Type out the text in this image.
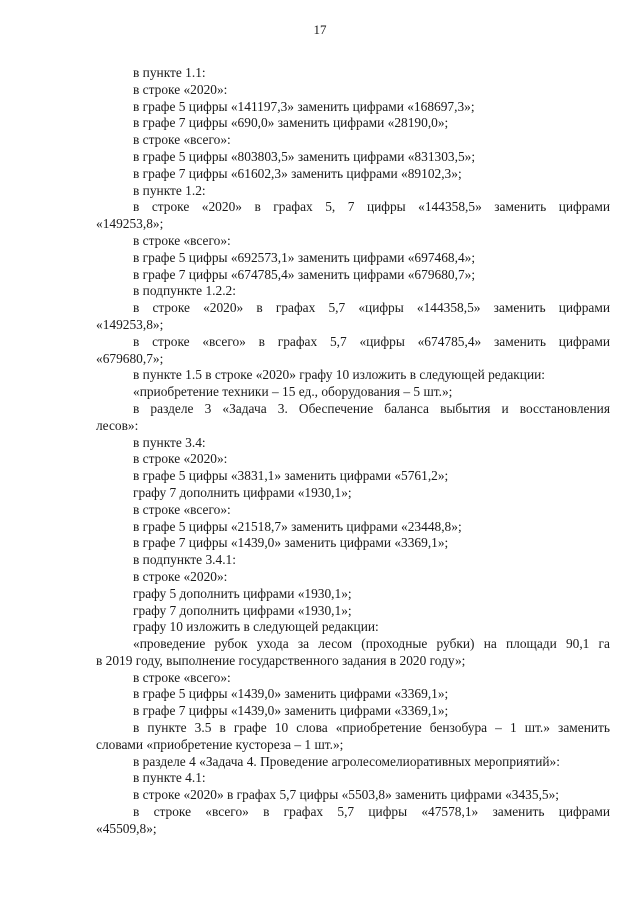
17
в пункте 1.1:
в строке «2020»:
в графе 5 цифры «141197,3» заменить цифрами «168697,3»;
в графе 7 цифры «690,0» заменить цифрами «28190,0»;
в строке «всего»:
в графе 5 цифры «803803,5» заменить цифрами «831303,5»;
в графе 7 цифры «61602,3» заменить цифрами «89102,3»;
в пункте 1.2:
в строке «2020» в графах 5, 7 цифры «144358,5» заменить цифрами
«149253,8»;
в строке «всего»:
в графе 5 цифры «692573,1» заменить цифрами «697468,4»;
в графе 7 цифры «674785,4» заменить цифрами «679680,7»;
в подпункте 1.2.2:
в строке «2020» в графах 5,7 «цифры «144358,5» заменить цифрами
«149253,8»;
в строке «всего» в графах 5,7 «цифры «674785,4» заменить цифрами
«679680,7»;
в пункте 1.5 в строке «2020» графу 10 изложить в следующей редакции:
«приобретение техники – 15 ед., оборудования – 5 шт.»;
в разделе 3 «Задача 3. Обеспечение баланса выбытия и восстановления
лесов»:
в пункте 3.4:
в строке «2020»:
в графе 5 цифры «3831,1» заменить цифрами «5761,2»;
графу 7 дополнить цифрами «1930,1»;
в строке «всего»:
в графе 5 цифры «21518,7» заменить цифрами «23448,8»;
в графе 7 цифры «1439,0» заменить цифрами «3369,1»;
в подпункте 3.4.1:
в строке «2020»:
графу 5 дополнить цифрами «1930,1»;
графу 7 дополнить цифрами «1930,1»;
графу 10 изложить в следующей редакции:
«проведение рубок ухода за лесом (проходные рубки) на площади 90,1 га
в 2019 году, выполнение государственного задания в 2020 году»;
в строке «всего»:
в графе 5 цифры «1439,0» заменить цифрами «3369,1»;
в графе 7 цифры «1439,0» заменить цифрами «3369,1»;
в пункте 3.5 в графе 10 слова «приобретение бензобура – 1 шт.» заменить
словами «приобретение кустореза – 1 шт.»;
в разделе 4 «Задача 4. Проведение агролесомелиоративных мероприятий»:
в пункте 4.1:
в строке «2020» в графах 5,7 цифры «5503,8» заменить цифрами «3435,5»;
в строке «всего» в графах 5,7 цифры «47578,1» заменить цифрами
«45509,8»;
